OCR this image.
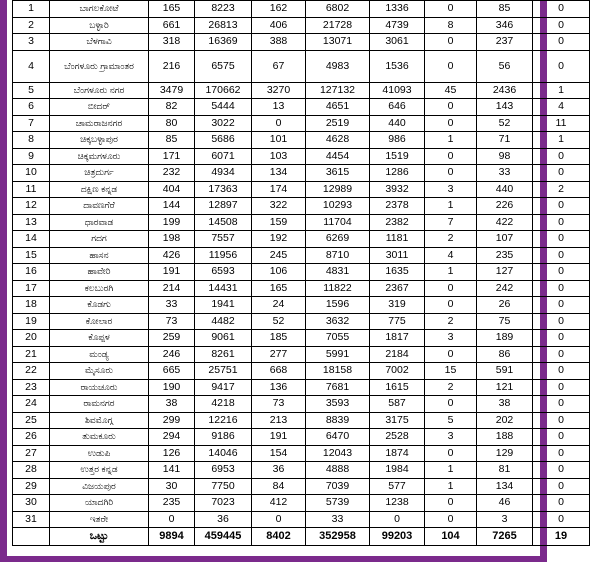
1	ಬಾಗಲಕೋಟೆ	165	8223	162	6802	1336	0	85	0
2	ಬಳ್ಳಾರಿ	661	26813	406	21728	4739	8	346	0
3	ಬೆಳಗಾವಿ	318	16369	388	13071	3061	0	237	0
4	ಬೆಂಗಳೂರು ಗ್ರಾಮಾಂತರ	216	6575	67	4983	1536	0	56	0
5	ಬೆಂಗಳೂರು ನಗರ	3479	170662	3270	127132	41093	45	2436	1
6	ಬೀದರ್	82	5444	13	4651	646	0	143	4
7	ಚಾಮರಾಜನಗರ	80	3022	0	2519	440	0	52	11
8	ಚಿಕ್ಕಬಳ್ಳಾಪುರ	85	5686	101	4628	986	1	71	1
9	ಚಿಕ್ಕಮಗಳೂರು	171	6071	103	4454	1519	0	98	0
10	ಚಿತ್ರದುರ್ಗ	232	4934	134	3615	1286	0	33	0
11	ದಕ್ಷಿಣ ಕನ್ನಡ	404	17363	174	12989	3932	3	440	2
12	ದಾವಣಗೆರೆ	144	12897	322	10293	2378	1	226	0
13	ಧಾರವಾಡ	199	14508	159	11704	2382	7	422	0
14	ಗದಗ	198	7557	192	6269	1181	2	107	0
15	ಹಾಸನ	426	11956	245	8710	3011	4	235	0
16	ಹಾವೇರಿ	191	6593	106	4831	1635	1	127	0
17	ಕಲಬುರಗಿ	214	14431	165	11822	2367	0	242	0
18	ಕೊಡಗು	33	1941	24	1596	319	0	26	0
19	ಕೋಲಾರ	73	4482	52	3632	775	2	75	0
20	ಕೊಪ್ಪಳ	259	9061	185	7055	1817	3	189	0
21	ಮಂಡ್ಯ	246	8261	277	5991	2184	0	86	0
22	ಮೈಸೂರು	665	25751	668	18158	7002	15	591	0
23	ರಾಯಚೂರು	190	9417	136	7681	1615	2	121	0
24	ರಾಮನಗರ	38	4218	73	3593	587	0	38	0
25	ಶಿವಮೊಗ್ಗ	299	12216	213	8839	3175	5	202	0
26	ತುಮಕೂರು	294	9186	191	6470	2528	3	188	0
27	ಉಡುಪಿ	126	14046	154	12043	1874	0	129	0
28	ಉತ್ತರ ಕನ್ನಡ	141	6953	36	4888	1984	1	81	0
29	ವಿಜಯಪುರ	30	7750	84	7039	577	1	134	0
30	ಯಾದಗಿರಿ	235	7023	412	5739	1238	0	46	0
31	ಇತರೇ	0	36	0	33	0	0	3	0
	ಒಟ್ಟು	9894	459445	8402	352958	99203	104	7265	19
